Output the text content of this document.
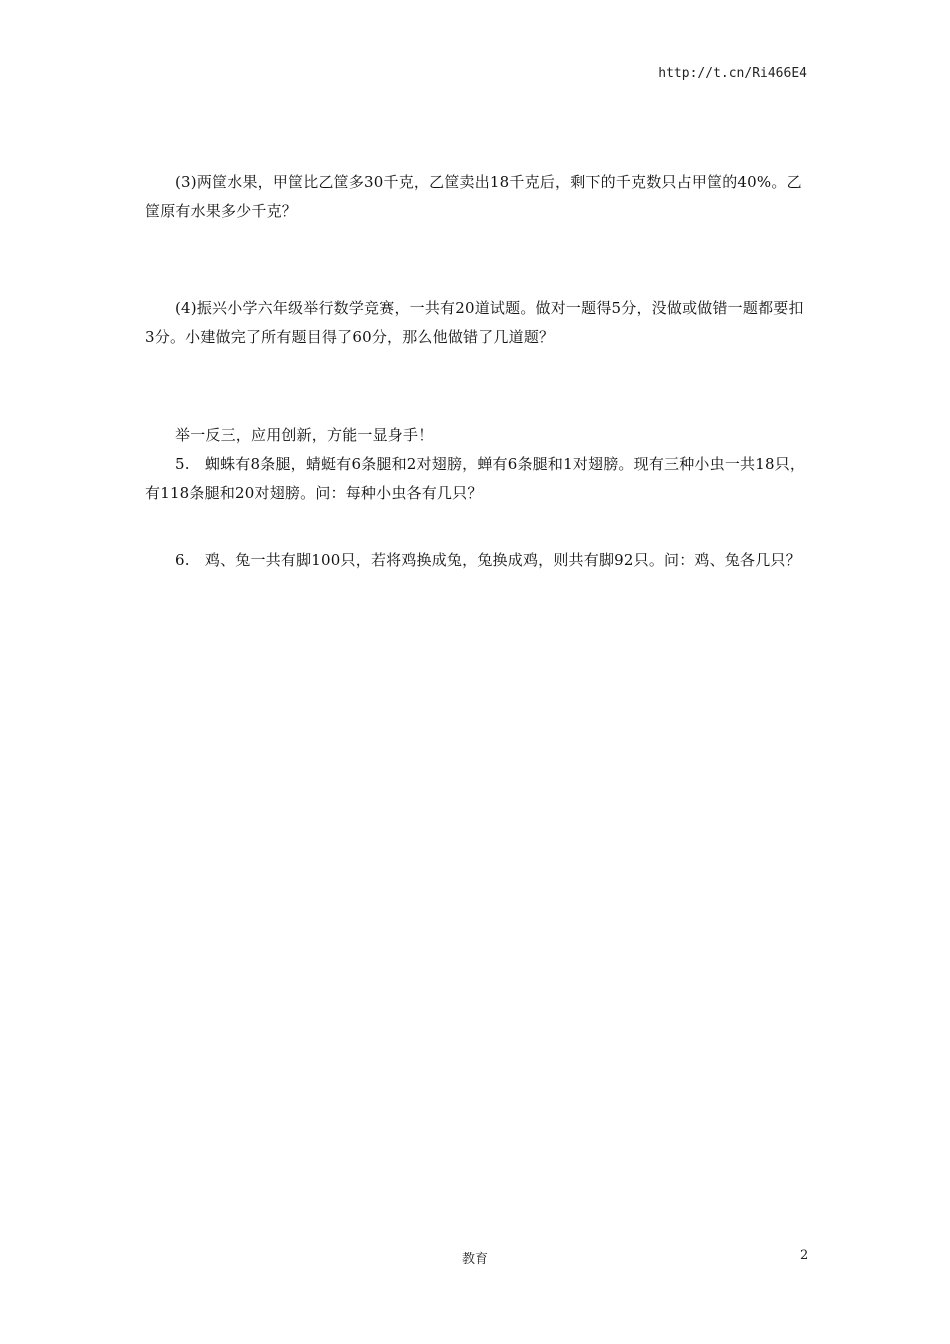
http://t.cn/Ri466E4

(3)两筐水果，甲筐比乙筐多30千克，乙筐卖出18千克后，剩下的千克数只占甲筐的40%。乙筐原有水果多少千克？

(4)振兴小学六年级举行数学竞赛，一共有20道试题。做对一题得5分，没做或做错一题都要扣3分。小建做完了所有题目得了60分，那么他做错了几道题？

举一反三，应用创新，方能一显身手！

5.　蜘蛛有8条腿，蜻蜓有6条腿和2对翅膀，蝉有6条腿和1对翅膀。现有三种小虫一共18只，有118条腿和20对翅膀。问：每种小虫各有几只？

6.　鸡、兔一共有脚100只，若将鸡换成兔，兔换成鸡，则共有脚92只。问：鸡、兔各几只？

教育	2
